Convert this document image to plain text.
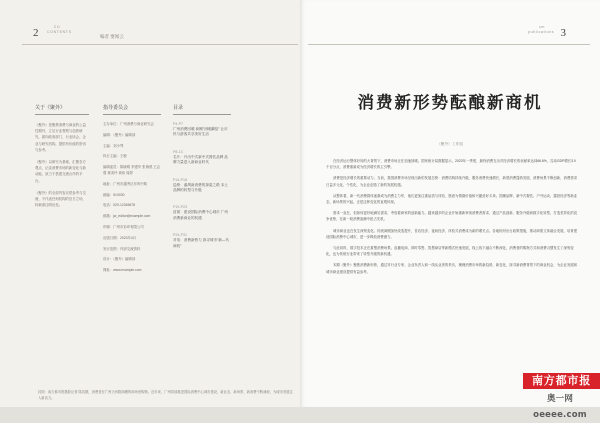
2	CO
CONTENTS
编者 要闻云
关于《聚外》

《聚外》是聚焦消费与商业的公益性期刊，立足行业观察与趋势研究，面向政府部门、行业协会、企业与研究机构，提供有价值的资讯与参考。

《聚外》以研究为基础，汇聚各方观点，记录消费市场的新变化与新动能，致力于搭建交流合作的平台。

《聚外》的全部内容仅供参考与交流，不代表任何机构的官方立场，转载请注明出处。

指导委员会
主办单位：广州消费与商业研究会
编辑：《聚外》编辑部
主编：刘小琴
执行主编：王敏
编辑委员：陈晓明 李建华 张海燕 王志强 林美玲 黄伟 周婷
地址：广州市越秀区东风中路
邮编：510030
电话：020-12345678
邮箱：jw_editor@example.com
印刷：广州市彩印有限公司
出版日期：2023年4月
发行范围：内部交流资料
设计：《聚外》编辑部
网址：www.example.com
目录
P4-P7
广州消费回暖 商圈“回暖翻倍” 让市民与游客共享美好生活
P8-13
名片：开出中式新中式餐饮品牌 品牌力量进入新商业时代
P14-P18
趋势：番禺新消费的探索之路 本土品牌的转型与升级
P19-P23
封面：建设国际消费中心城市 广州消费新商业的机遇
P24-P31
对话：消费新势力 探寻城市“新—代商机”
封面：南方都市报摄影记者 陈其摄，消费者在广州天河路商圈的商场里购物。近年来，广州持续推进国际消费中心城市建设，新业态、新场景、新消费不断涌现，为城市发展注入新活力。
3
cm
publications
消费新形势酝酿新商机
《聚外》工作组

在经济运行整体好转的大背景下，消费市场正在加速回暖。国家统计局数据显示，2023年一季度，最终消费支出对经济增长的贡献率达到66.6%，拉动GDP增长3.0个百分点，消费重新成为经济增长的主引擎。

消费是经济增长的重要动力。当前，我国消费市场呈现出新的发展态势：消费结构持续升级，服务消费快速增长，新型消费蓬勃发展，消费场景不断创新，消费需求日益多元化、个性化，为企业创造了新的发展机遇。

从整体看，新一代消费群体逐渐成为消费主力军，他们更加注重品质与体验，愿意为情绪价值和兴趣爱好买单。国潮品牌、新中式餐饮、户外运动、露营经济等新业态、新场景的兴起，正是这种变化的直观体现。

需求一直在，但如何更好地满足需求，考验着商家的创新能力。越来越多的企业开始重新审视消费者需求，通过产品创新、服务升级和数字化转型，打造差异化的竞争优势，在新一轮消费浪潮中抢占先机。

城市商业也在发生深刻变化。传统商圈加快改造提升，首店经济、夜间经济、体验式消费成为新的增长点。各地纷纷出台政策措施，推动商旅文体融合发展，培育建设国际消费中心城市，进一步释放消费潜力。

与此同时，数字技术正在重塑消费场景。直播电商、即时零售、智慧商店等新模式快速发展，线上线下融合不断深化，消费者的购物方式和消费习惯发生了深刻变化，也为传统行业带来了转型升级的新机遇。

本期《聚外》聚焦消费新形势，通过对行业专家、企业负责人和一线从业者的采访，梳理消费市场的新趋势、新变化，探寻新消费背景下的商业机会，为企业发展和城市商业建设提供有益参考。

南方都市报
奥一网 oeeee.com
